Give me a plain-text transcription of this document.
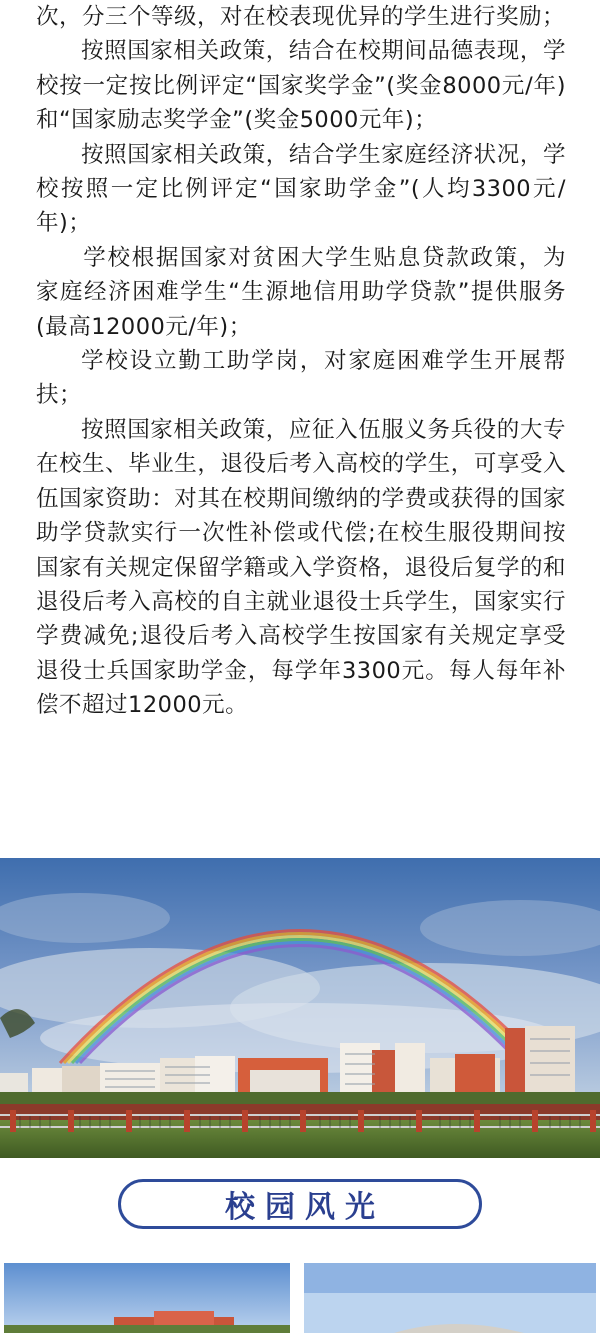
次，分三个等级，对在校表现优异的学生进行奖励；

按照国家相关政策，结合在校期间品德表现，学校按一定按比例评定“国家奖学金”(奖金8000元/年)和“国家励志奖学金”(奖金5000元年)；

按照国家相关政策，结合学生家庭经济状况，学校按照一定比例评定“国家助学金”(人均3300元/年)；

学校根据国家对贫困大学生贴息贷款政策，为家庭经济困难学生“生源地信用助学贷款”提供服务(最高12000元/年)；

学校设立勤工助学岗，对家庭困难学生开展帮扶；

按照国家相关政策，应征入伍服义务兵役的大专在校生、毕业生，退役后考入高校的学生，可享受入伍国家资助：对其在校期间缴纳的学费或获得的国家助学贷款实行一次性补偿或代偿;在校生服役期间按国家有关规定保留学籍或入学资格，退役后复学的和退役后考入高校的自主就业退役士兵学生，国家实行学费减免;退役后考入高校学生按国家有关规定享受退役士兵国家助学金，每学年3300元。每人每年补偿不超过12000元。

校园风光
